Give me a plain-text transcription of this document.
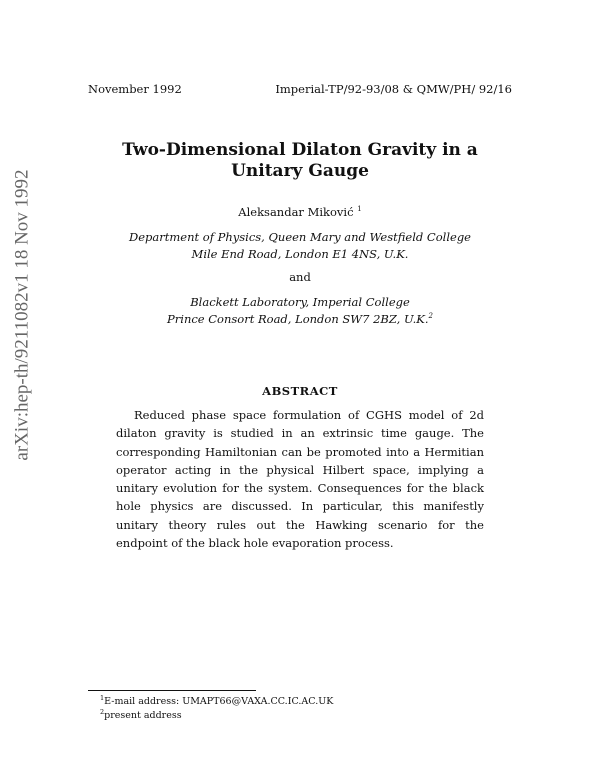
November 1992	Imperial-TP/92-93/08 & QMW/PH/ 92/16
arXiv:hep-th/9211082v1 18 Nov 1992
Two-Dimensional Dilaton Gravity in a Unitary Gauge
Aleksandar Miković $^1$
Department of Physics, Queen Mary and Westfield College
Mile End Road, London E1 4NS, U.K.
and
Blackett Laboratory, Imperial College
Prince Consort Road, London SW7 2BZ, U.K.$^2$
ABSTRACT
Reduced phase space formulation of CGHS model of 2d dilaton gravity is studied in an extrinsic time gauge. The corresponding Hamiltonian can be promoted into a Hermitian operator acting in the physical Hilbert space, implying a unitary evolution for the system. Consequences for the black hole physics are discussed. In particular, this manifestly unitary theory rules out the Hawking scenario for the endpoint of the black hole evaporation process.
$^1$E-mail address: UMAPT66@VAXA.CC.IC.AC.UK
$^2$present address
